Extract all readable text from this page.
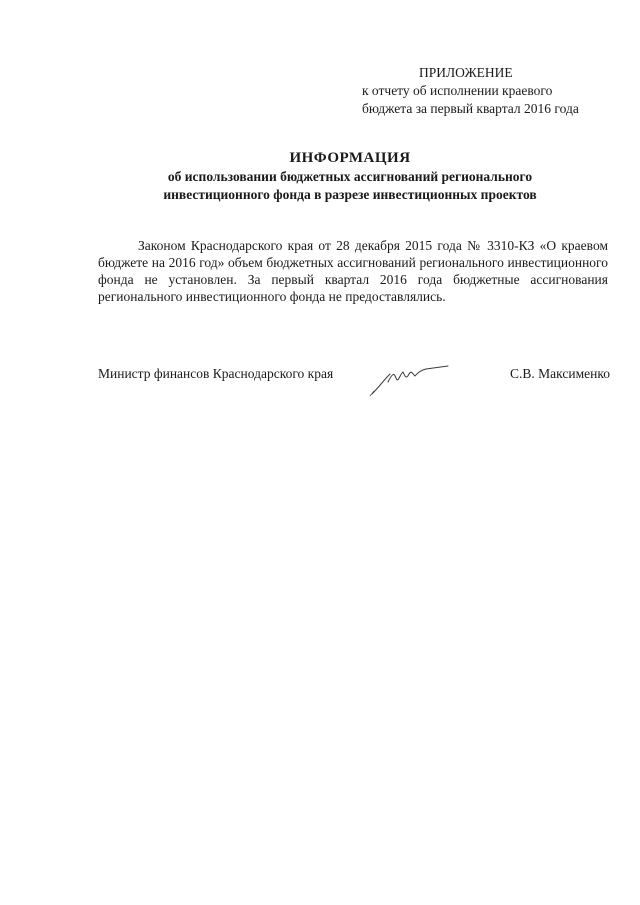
ПРИЛОЖЕНИЕ
к отчету об исполнении краевого
бюджета за первый квартал 2016 года
ИНФОРМАЦИЯ
об использовании бюджетных ассигнований регионального
инвестиционного фонда в разрезе инвестиционных проектов
Законом Краснодарского края от 28 декабря 2015 года № 3310-КЗ «О краевом бюджете на 2016 год» объем бюджетных ассигнований регионального инвестиционного фонда не установлен. За первый квартал 2016 года бюджетные ассигнования регионального инвестиционного фонда не предоставлялись.
Министр финансов Краснодарского края	С.В. Максименко
